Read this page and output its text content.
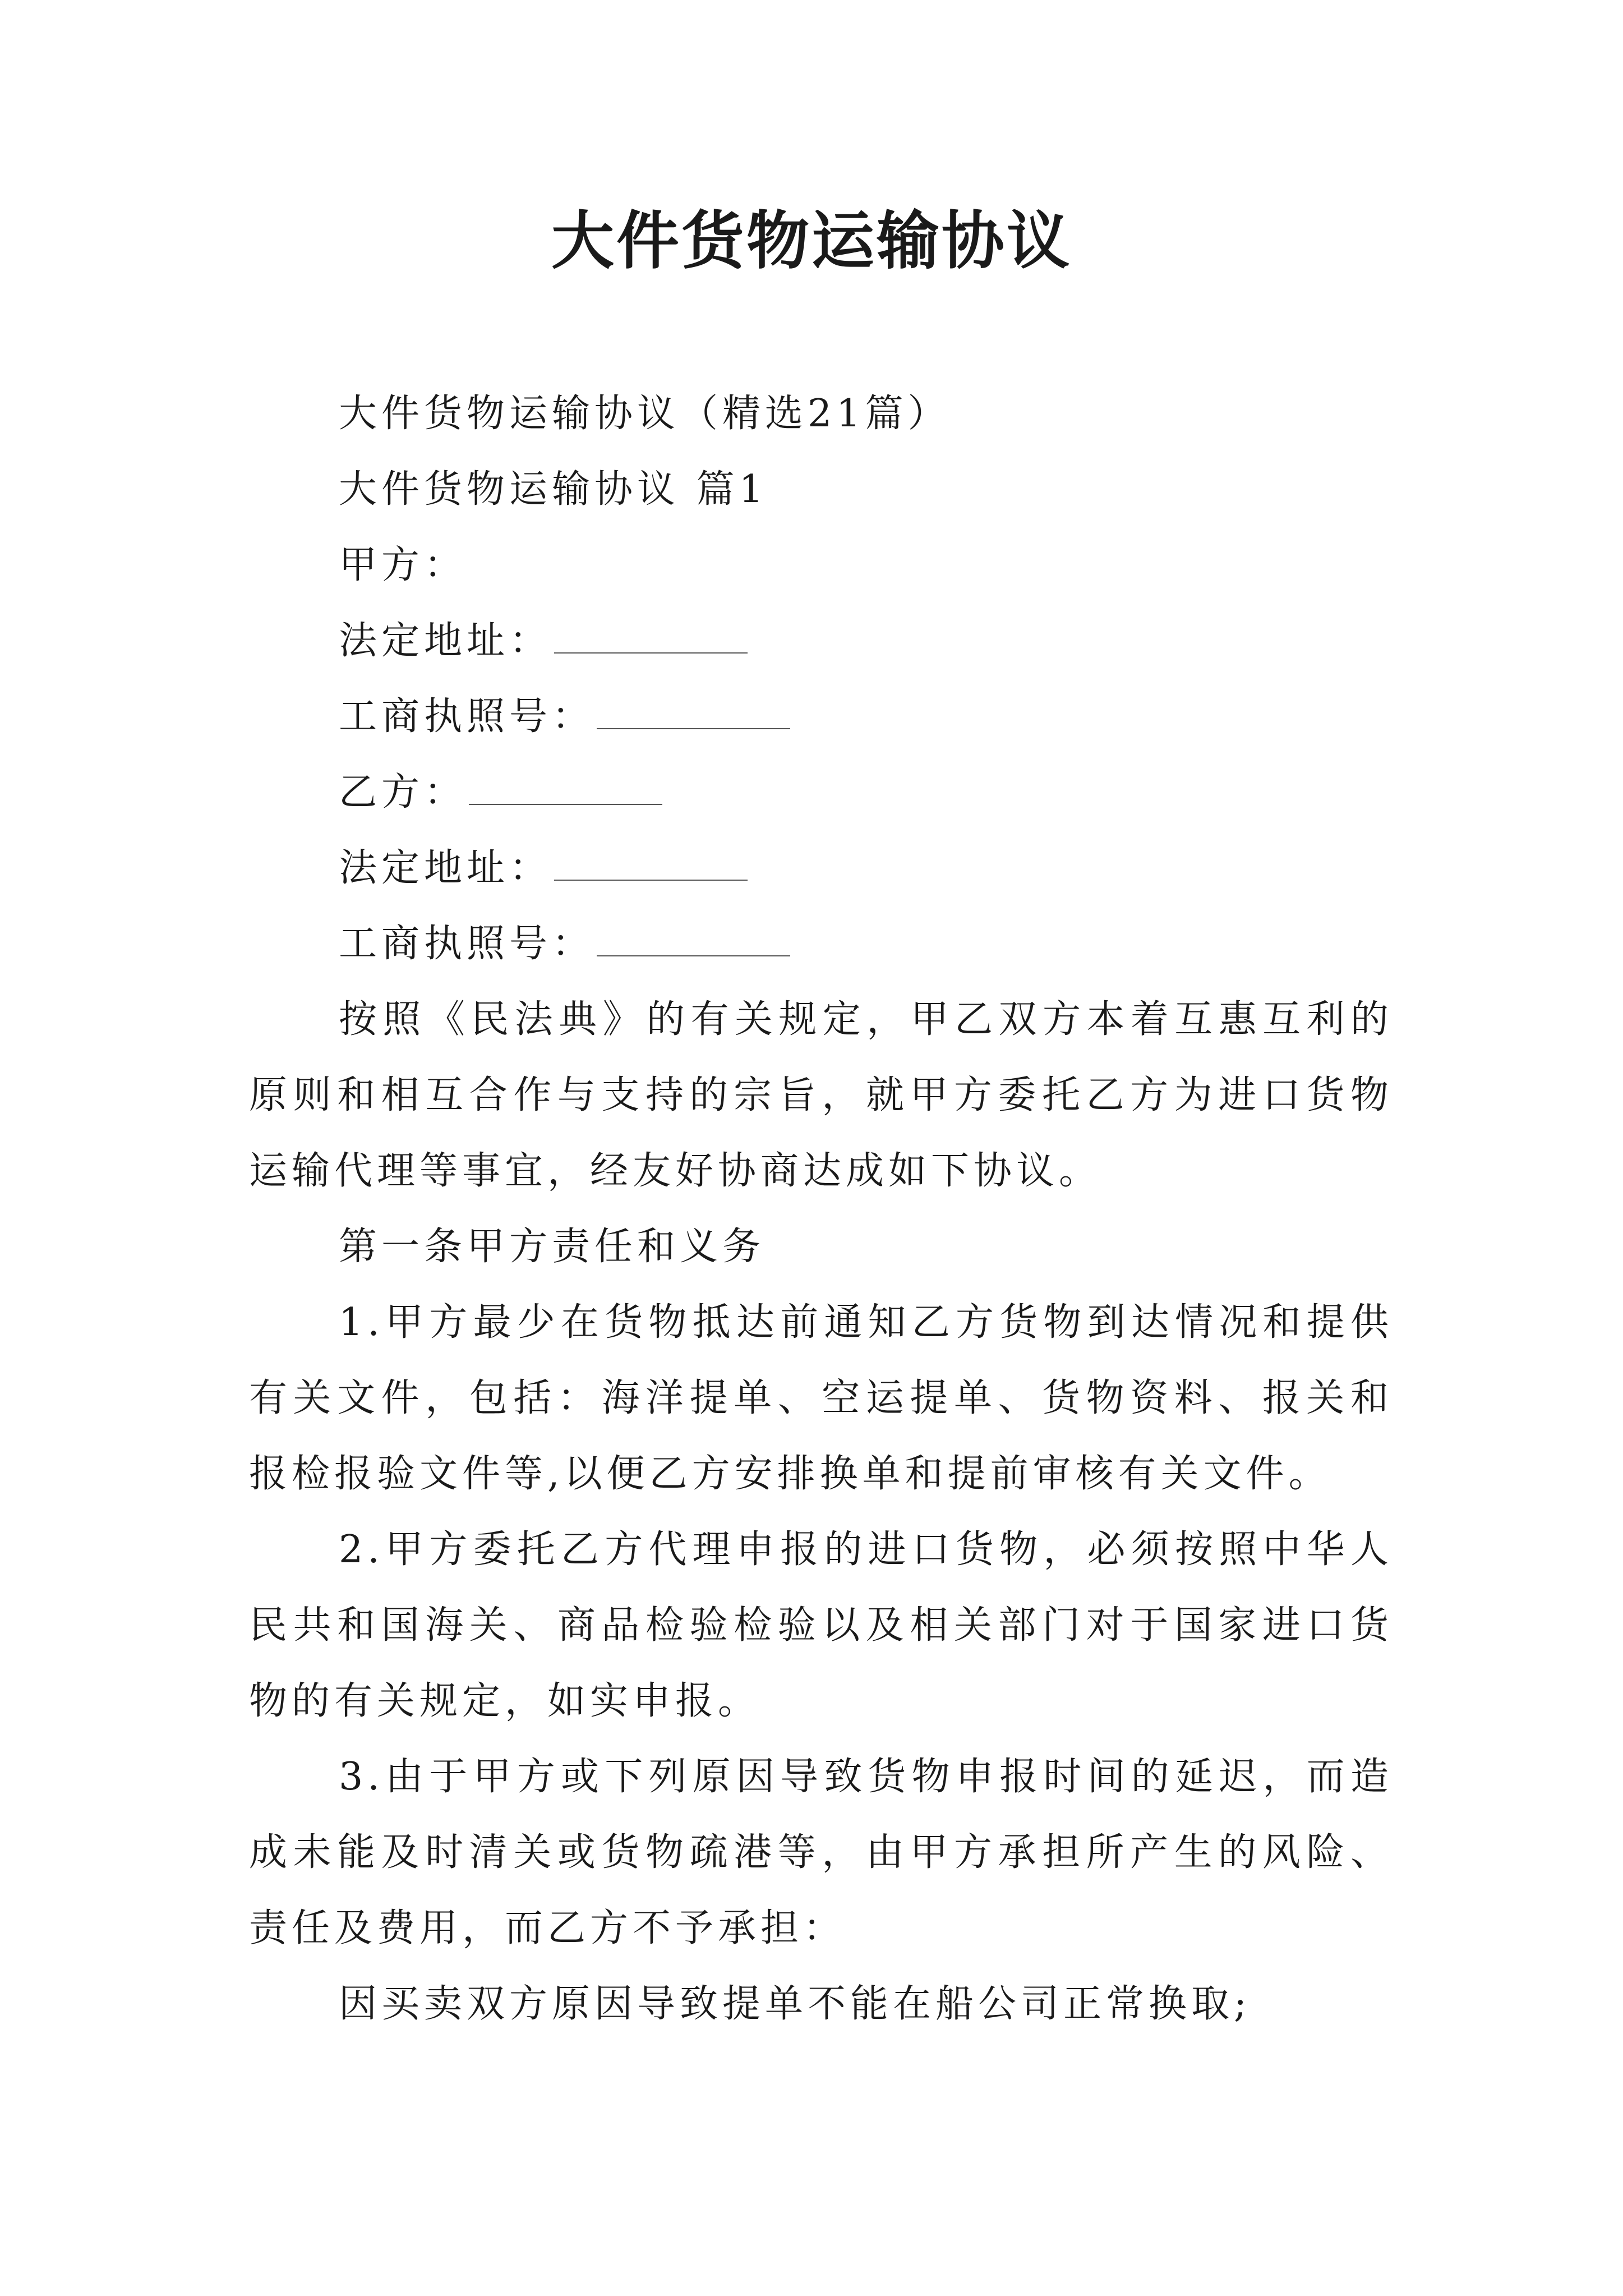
大件货物运输协议

大件货物运输协议（精选21篇）

大件货物运输协议 篇1

甲方：

法定地址：

工商执照号：

乙方：

法定地址：

工商执照号：

按照《民法典》的有关规定，甲乙双方本着互惠互利的原则和相互合作与支持的宗旨，就甲方委托乙方为进口货物运输代理等事宜，经友好协商达成如下协议。

第一条甲方责任和义务

1.甲方最少在货物抵达前通知乙方货物到达情况和提供有关文件，包括：海洋提单、空运提单、货物资料、报关和报检报验文件等,以便乙方安排换单和提前审核有关文件。

2.甲方委托乙方代理申报的进口货物，必须按照中华人民共和国海关、商品检验检验以及相关部门对于国家进口货物的有关规定，如实申报。

3.由于甲方或下列原因导致货物申报时间的延迟，而造成未能及时清关或货物疏港等，由甲方承担所产生的风险、责任及费用，而乙方不予承担：

因买卖双方原因导致提单不能在船公司正常换取;
